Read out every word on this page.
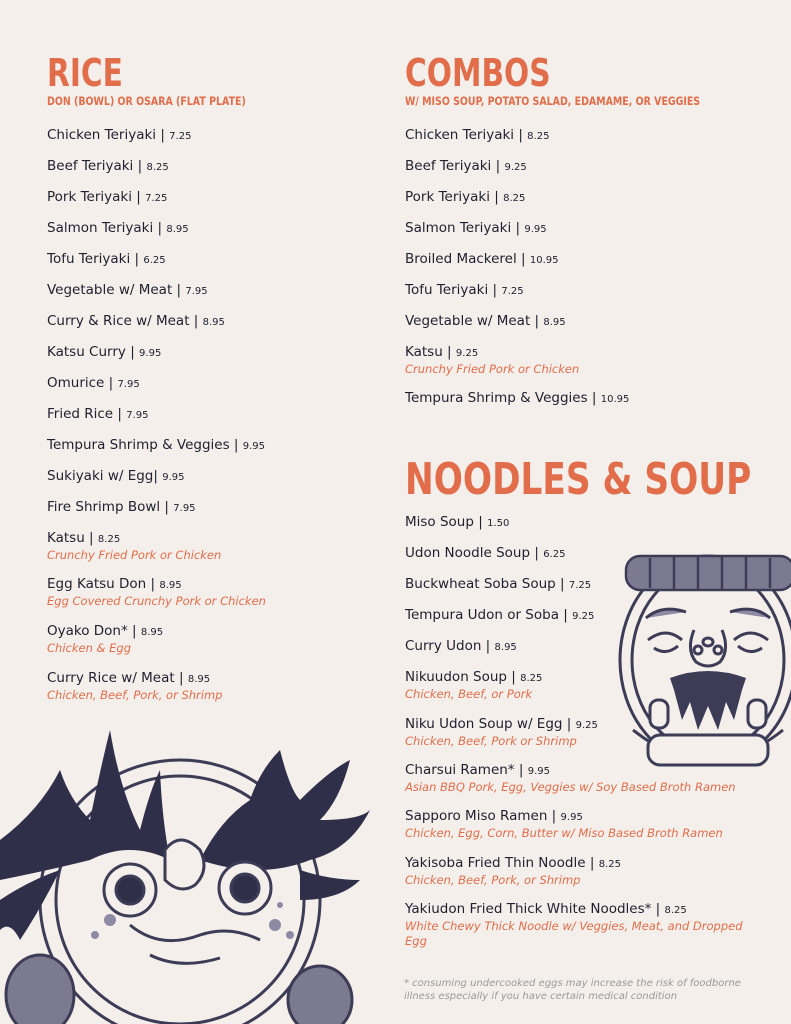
RICE
DON (BOWL) OR OSARA (FLAT PLATE)
Chicken Teriyaki | 7.25
Beef Teriyaki | 8.25
Pork Teriyaki | 7.25
Salmon Teriyaki | 8.95
Tofu Teriyaki | 6.25
Vegetable w/ Meat | 7.95
Curry & Rice w/ Meat | 8.95
Katsu Curry | 9.95
Omurice | 7.95
Fried Rice | 7.95
Tempura Shrimp & Veggies | 9.95
Sukiyaki w/ Egg| 9.95
Fire Shrimp Bowl | 7.95
Katsu | 8.25
Crunchy Fried Pork or Chicken
Egg Katsu Don | 8.95
Egg Covered Crunchy Pork or Chicken
Oyako Don* | 8.95
Chicken & Egg
Curry Rice w/ Meat | 8.95
Chicken, Beef, Pork, or Shrimp
COMBOS
W/ MISO SOUP, POTATO SALAD, EDAMAME, OR VEGGIES
Chicken Teriyaki | 8.25
Beef Teriyaki | 9.25
Pork Teriyaki | 8.25
Salmon Teriyaki | 9.95
Broiled Mackerel | 10.95
Tofu Teriyaki | 7.25
Vegetable w/ Meat | 8.95
Katsu | 9.25
Crunchy Fried Pork or Chicken
Tempura Shrimp & Veggies | 10.95
NOODLES & SOUP
Miso Soup | 1.50
Udon Noodle Soup | 6.25
Buckwheat Soba Soup | 7.25
Tempura Udon or Soba | 9.25
Curry Udon | 8.95
Nikuudon Soup | 8.25
Chicken, Beef, or Pork
Niku Udon Soup w/ Egg | 9.25
Chicken, Beef, Pork or Shrimp
Charsui Ramen* | 9.95
Asian BBQ Pork, Egg, Veggies w/ Soy Based Broth Ramen
Sapporo Miso Ramen | 9.95
Chicken, Egg, Corn, Butter w/ Miso Based Broth Ramen
Yakisoba Fried Thin Noodle | 8.25
Chicken, Beef, Pork, or Shrimp
Yakiudon Fried Thick White Noodles* | 8.25
White Chewy Thick Noodle w/ Veggies, Meat, and Dropped Egg
* consuming undercooked eggs may increase the risk of foodborne illness especially if you have certain medical condition
